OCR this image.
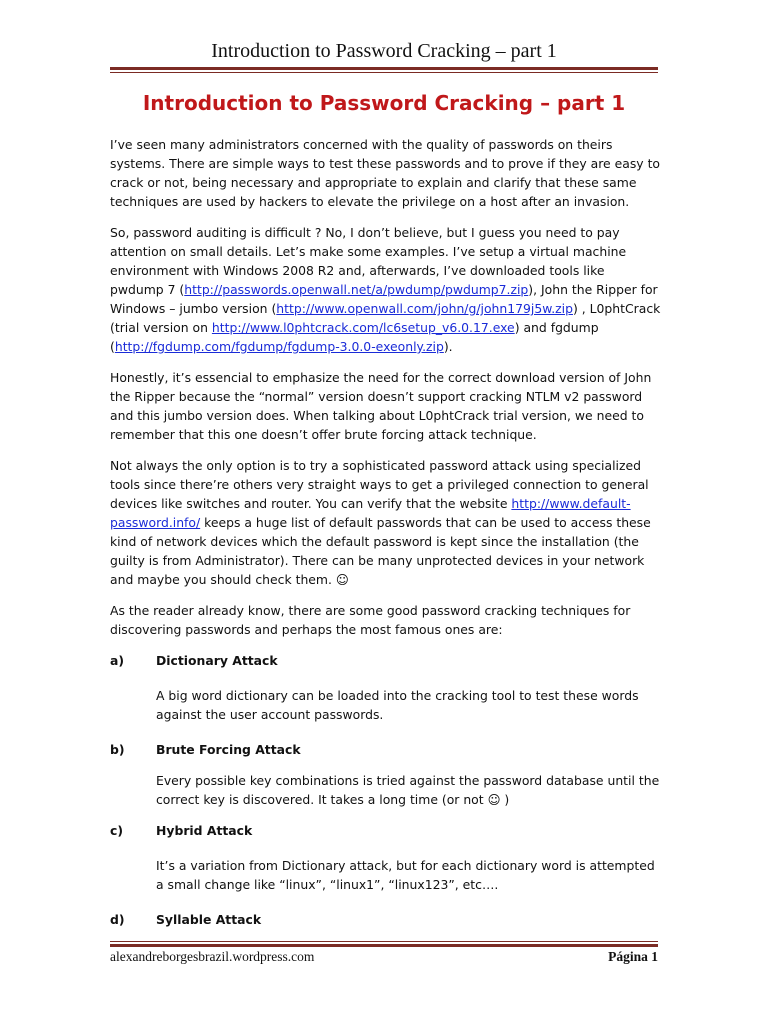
Introduction to Password Cracking – part 1
Introduction to Password Cracking – part 1

I’ve seen many administrators concerned with the quality of passwords on theirs systems. There are simple ways to test these passwords and to prove if they are easy to crack or not, being necessary and appropriate to explain and clarify that these same techniques are used by hackers to elevate the privilege on a host after an invasion.

So, password auditing is difficult ? No, I don’t believe, but I guess you need to pay attention on small details. Let’s make some examples. I’ve setup a virtual machine environment with Windows 2008 R2 and, afterwards, I’ve downloaded tools like pwdump 7 (http://passwords.openwall.net/a/pwdump/pwdump7.zip), John the Ripper for Windows – jumbo version (http://www.openwall.com/john/g/john179j5w.zip) , L0phtCrack (trial version on http://www.l0phtcrack.com/lc6setup_v6.0.17.exe) and fgdump (http://fgdump.com/fgdump/fgdump-3.0.0-exeonly.zip).

Honestly, it’s essencial to emphasize the need for the correct download version of John the Ripper because the “normal” version doesn’t support cracking NTLM v2 password and this jumbo version does. When talking about L0phtCrack trial version, we need to remember that this one doesn’t offer brute forcing attack technique.

Not always the only option is to try a sophisticated password attack using specialized tools since there’re others very straight ways to get a privileged connection to general devices like switches and router. You can verify that the website http://www.default-password.info/ keeps a huge list of default passwords that can be used to access these kind of network devices which the default password is kept since the installation (the guilty is from Administrator). There can be many unprotected devices in your network and maybe you should check them. ☺

As the reader already know, there are some good password cracking techniques for discovering passwords and perhaps the most famous ones are:

a)	Dictionary Attack
A big word dictionary can be loaded into the cracking tool to test these words against the user account passwords.
b)	Brute Forcing Attack
Every possible key combinations is tried against the password database until the correct key is discovered. It takes a long time (or not ☺ )
c)	Hybrid Attack
It’s a variation from Dictionary attack, but for each dictionary word is attempted a small change like “linux”, “linux1”, “linux123”, etc….
d)	Syllable Attack
alexandreborgesbrazil.wordpress.com	Página 1
